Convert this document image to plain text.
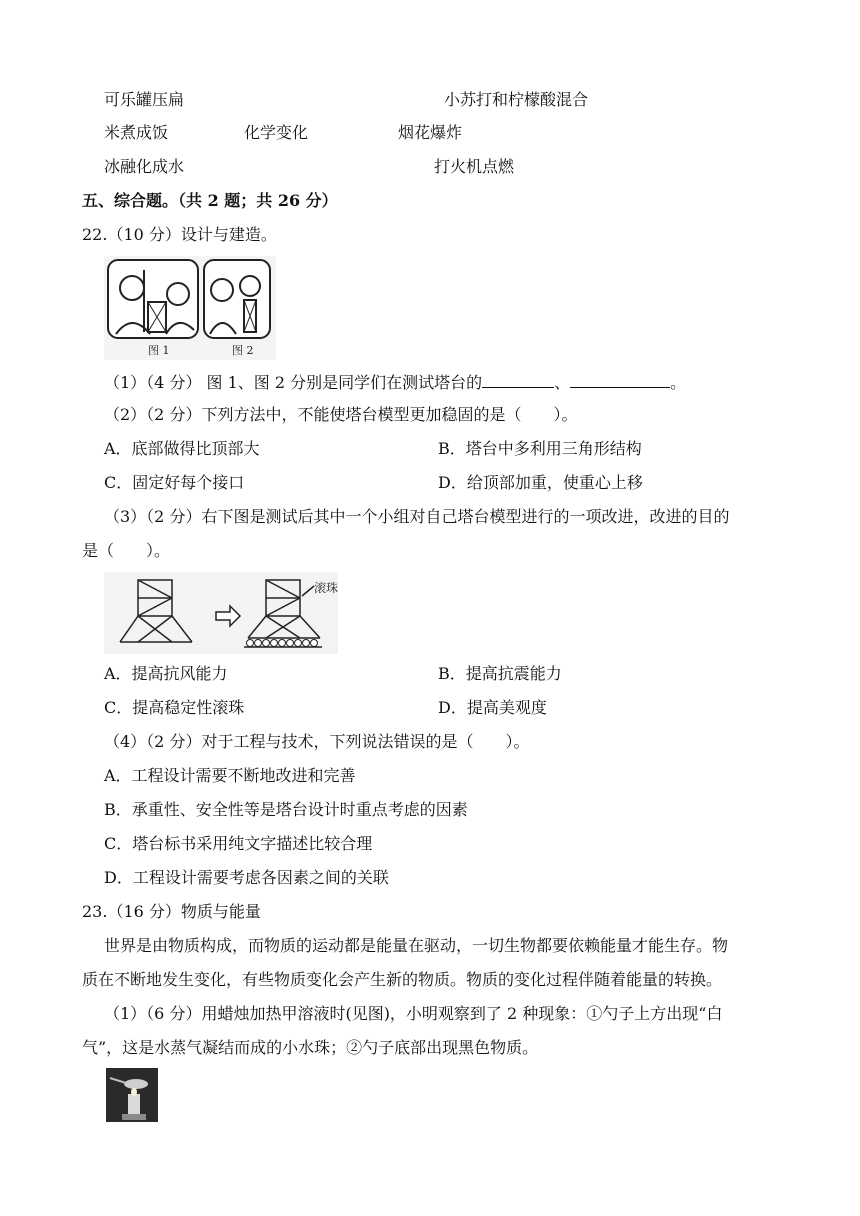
可乐罐压扁	小苏打和柠檬酸混合
米煮成饭	化学变化	烟花爆炸
冰融化成水	打火机点燃
五、综合题。（共 2 题；共 26 分）
22.（10 分）设计与建造。
图 1	图 2
（1）（4 分） 图 1、图 2 分别是同学们在测试塔台的	、	。
（2）（2 分）下列方法中，不能使塔台模型更加稳固的是（　　）。
A．底部做得比顶部大	B．塔台中多利用三角形结构
C．固定好每个接口	D．给顶部加重，使重心上移
（3）（2 分）右下图是测试后其中一个小组对自己塔台模型进行的一项改进，改进的目的
是（　　）。
滚珠
A．提高抗风能力	B．提高抗震能力
C．提高稳定性滚珠	D．提高美观度
（4）（2 分）对于工程与技术，下列说法错误的是（　　）。
A．工程设计需要不断地改进和完善
B．承重性、安全性等是塔台设计时重点考虑的因素
C．塔台标书采用纯文字描述比较合理
D．工程设计需要考虑各因素之间的关联
23.（16 分）物质与能量
世界是由物质构成，而物质的运动都是能量在驱动，一切生物都要依赖能量才能生存。物
质在不断地发生变化，有些物质变化会产生新的物质。物质的变化过程伴随着能量的转换。
（1）（6 分）用蜡烛加热甲溶液时(见图)，小明观察到了 2 种现象：①勺子上方出现“白
气”，这是水蒸气凝结而成的小水珠；②勺子底部出现黑色物质。
